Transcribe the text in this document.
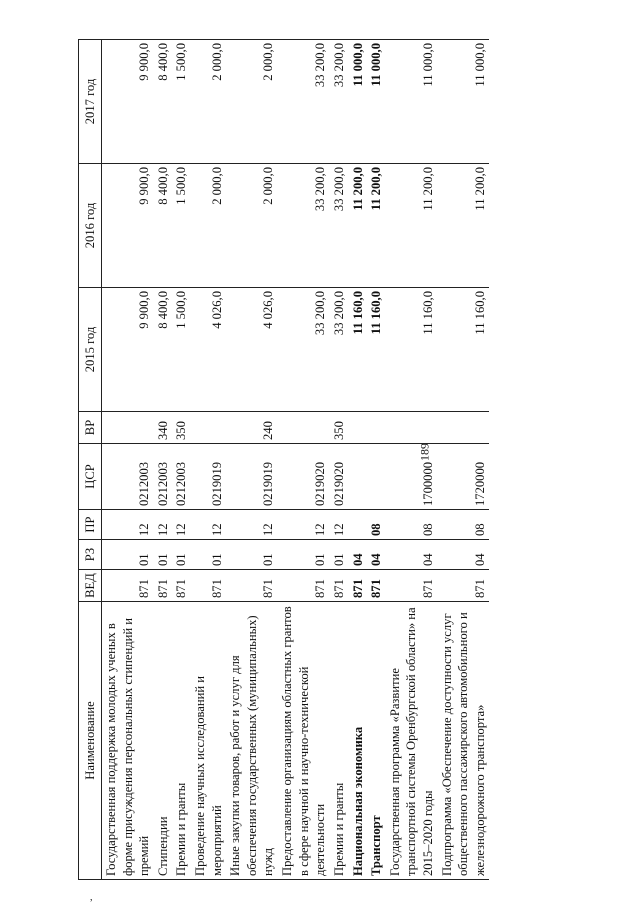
189
Наименование	ВЕД	РЗ	ПР	ЦСР	ВР	2015 год	2016 год	2017 год
Государственная поддержка молодых ученых в форме присуждения персональных стипендий и премий	871	01	12	0212003		9 900,0	9 900,0	9 900,0
Стипендии	871	01	12	0212003	340	8 400,0	8 400,0	8 400,0
Премии и гранты	871	01	12	0212003	350	1 500,0	1 500,0	1 500,0
Проведение научных исследований и мероприятий	871	01	12	0219019		4 026,0	2 000,0	2 000,0
Иные закупки товаров, работ и услуг для обеспечения государственных (муниципальных) нужд	871	01	12	0219019	240	4 026,0	2 000,0	2 000,0
Предоставление организациям областных грантов в сфере научной и научно-технической деятельности	871	01	12	0219020		33 200,0	33 200,0	33 200,0
Премии и гранты	871	01	12	0219020	350	33 200,0	33 200,0	33 200,0
Национальная экономика	871	04				11 160,0	11 200,0	11 000,0
Транспорт	871	04	08			11 160,0	11 200,0	11 000,0
Государственная программа «Развитие транспортной системы Оренбургской области» на 2015–2020 годы	871	04	08	1700000		11 160,0	11 200,0	11 000,0
Подпрограмма «Обеспечение доступности услуг общественного пассажирского автомобильного и железнодорожного транспорта»	871	04	08	1720000		11 160,0	11 200,0	11 000,0
,
